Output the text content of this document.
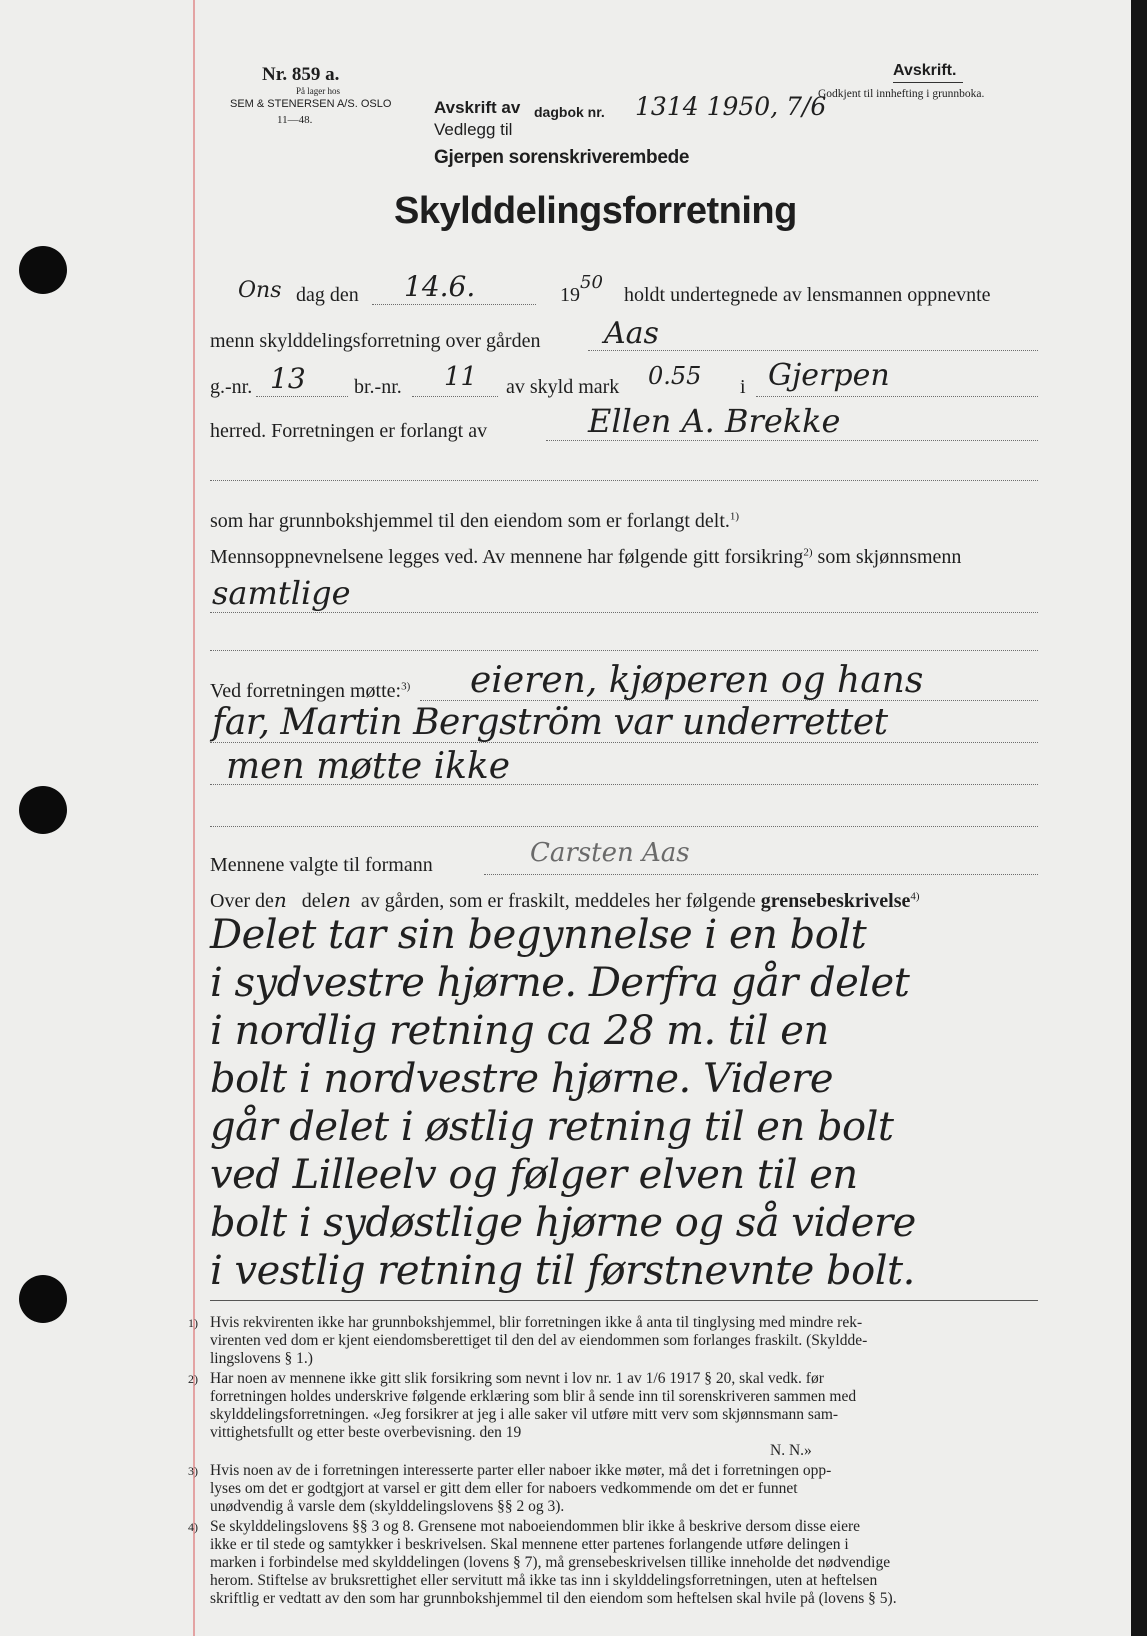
Nr. 859 a.
På lager hos
SEM & STENERSEN A/S. OSLO
11—48.
Avskrift av dagbok nr. 1314 1950, 7/6
Vedlegg til
Gjerpen sorenskriverembede
Avskrift.
Godkjent til innhefting i grunnboka.
Skylddelingsforretning
Ons dag den 14.6.	19
50
holdt undertegnede av lensmannen oppnevnte
menn skylddelingsforretning over gården Aas
g.-nr. 13 br.-nr. 11 av skyld mark 0.55 i Gjerpen
herred. Forretningen er forlangt av	Ellen A. Brekke
som har grunnbokshjemmel til den eiendom som er forlangt delt.$^{1)}$
Mennsoppnevnelsene legges ved. Av mennene har følgende gitt forsikring$^{2)}$ som skjønnsmenn
samtlige
Ved forretningen møtte:$^{3)}$ eieren, kjøperen og hans
far, Martin Bergström var underrettet
men møtte ikke
Mennene valgte til formann	Carsten Aas
Over den delen av gården, som er fraskilt, meddeles her følgende grensebeskrivelse$^{4)}$
Delet tar sin begynnelse i en bolt
i sydvestre hjørne. Derfra går delet
i nordlig retning ca 28 m. til en
bolt i nordvestre hjørne. Videre
går delet i østlig retning til en bolt
ved Lilleelv og følger elven til en
bolt i sydøstlige hjørne og så videre
i vestlig retning til førstnevnte bolt.
1) Hvis rekvirenten ikke har grunnbokshjemmel, blir forretningen ikke å anta til tinglysing med mindre rek-
virenten ved dom er kjent eiendomsberettiget til den del av eiendommen som forlanges fraskilt. (Skyldde-
lingslovens § 1.)
2) Har noen av mennene ikke gitt slik forsikring som nevnt i lov nr. 1 av 1/6 1917 § 20, skal vedk. før
forretningen holdes underskrive følgende erklæring som blir å sende inn til sorenskriveren sammen med
skylddelingsforretningen. «Jeg forsikrer at jeg i alle saker vil utføre mitt verv som skjønnsmann sam-
vittighetsfullt og etter beste overbevisning. den 19
N. N.»
3) Hvis noen av de i forretningen interesserte parter eller naboer ikke møter, må det i forretningen opp-
lyses om det er godtgjort at varsel er gitt dem eller for naboers vedkommende om det er funnet
unødvendig å varsle dem (skylddelingslovens §§ 2 og 3).
4) Se skylddelingslovens §§ 3 og 8. Grensene mot naboeiendommen blir ikke å beskrive dersom disse eiere
ikke er til stede og samtykker i beskrivelsen. Skal mennene etter partenes forlangende utføre delingen i
marken i forbindelse med skylddelingen (lovens § 7), må grensebeskrivelsen tillike inneholde det nødvendige
herom. Stiftelse av bruksrettighet eller servitutt må ikke tas inn i skylddelingsforretningen, uten at heftelsen
skriftlig er vedtatt av den som har grunnbokshjemmel til den eiendom som heftelsen skal hvile på (lovens § 5).
